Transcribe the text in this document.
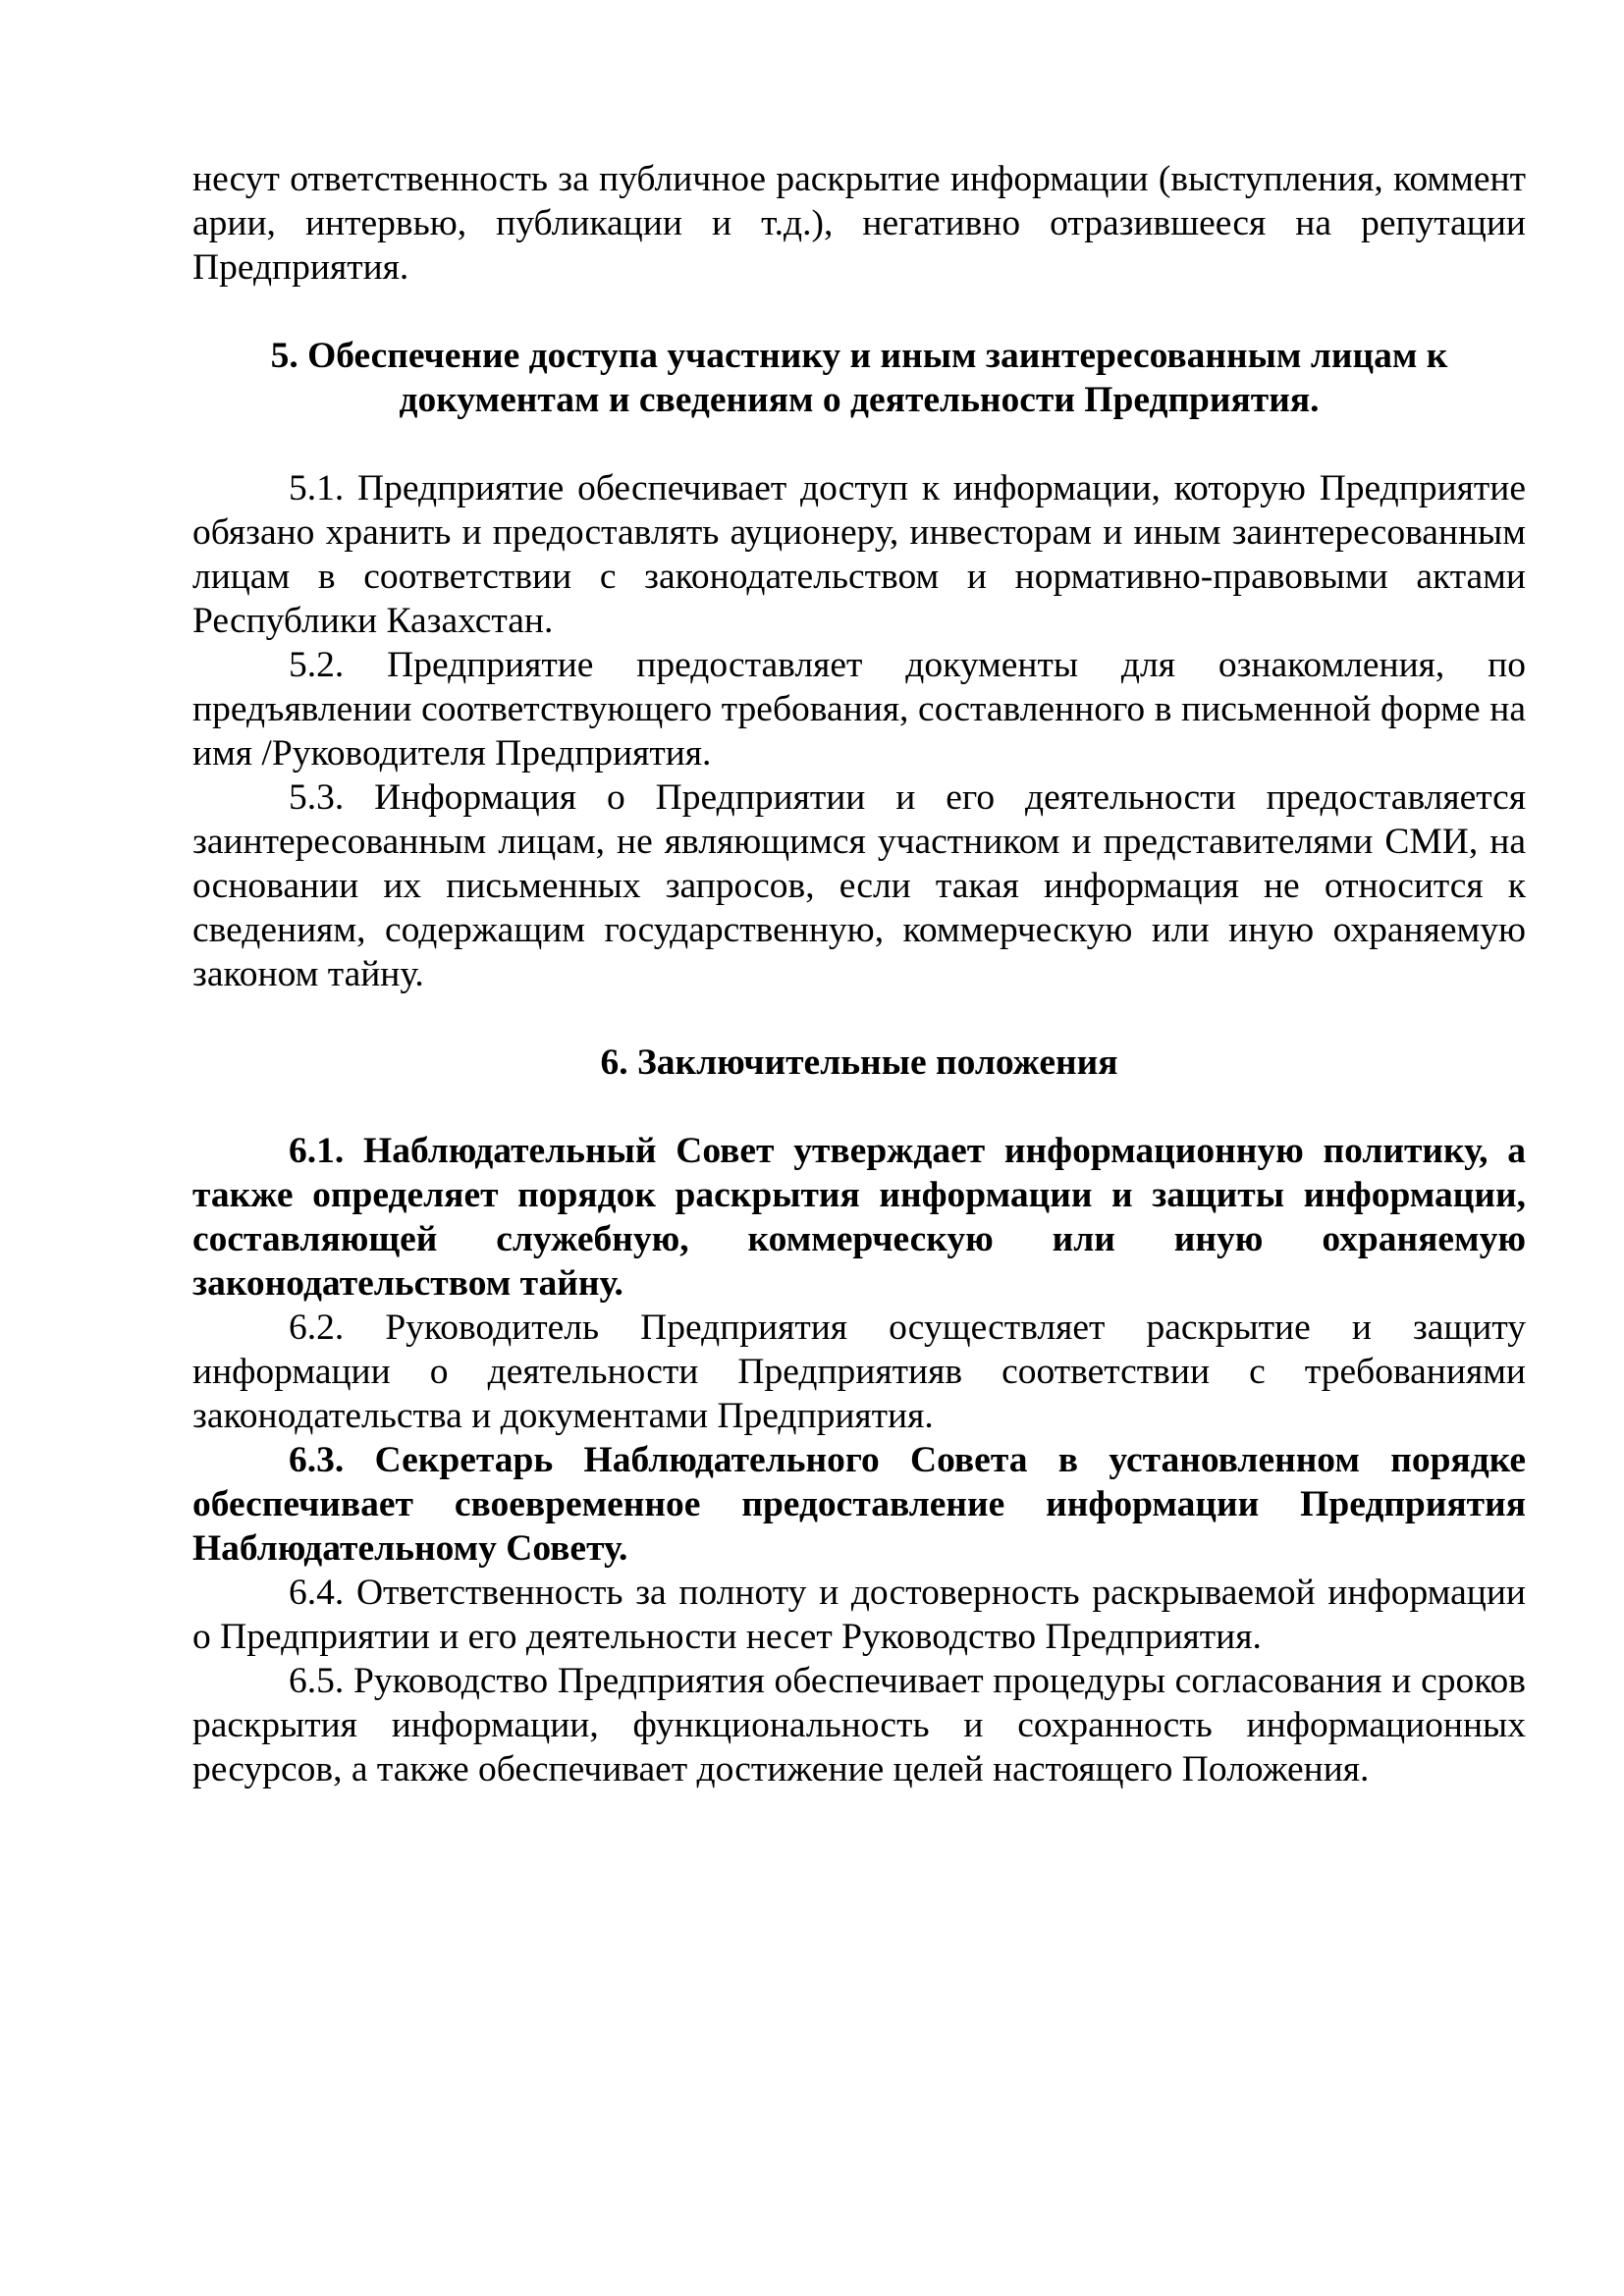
несут ответственность за публичное раскрытие информации (выступления, коммент арии, интервью, публикации и т.д.), негативно отразившееся на репутации Предприятия.

5. Обеспечение доступа участнику и иным заинтересованным лицам к
документам и сведениям о деятельности Предприятия.

5.1. Предприятие обеспечивает доступ к информации, которую Предприятие обязано хранить и предоставлять ауционеру, инвесторам и иным заинтересованным лицам в соответствии с законодательством и нормативно-правовыми актами Республики Казахстан.

5.2. Предприятие предоставляет документы для ознакомления, по предъявлении соответствующего требования, составленного в письменной форме на имя /Руководителя Предприятия.

5.3. Информация о Предприятии и его деятельности предоставляется заинтересованным лицам, не являющимся участником и представителями СМИ, на основании их письменных запросов, если такая информация не относится к сведениям, содержащим государственную, коммерческую или иную охраняемую законом тайну.

6. Заключительные положения

6.1. Наблюдательный Совет утверждает информационную политику, а также определяет порядок раскрытия информации и защиты информации, составляющей служебную, коммерческую или иную охраняемую законодательством тайну.

6.2. Руководитель Предприятия осуществляет раскрытие и защиту информации о деятельности Предприятияв соответствии с требованиями законодательства и документами Предприятия.

6.3. Секретарь Наблюдательного Совета в установленном порядке обеспечивает своевременное предоставление информации Предприятия Наблюдательному Совету.

6.4. Ответственность за полноту и достоверность раскрываемой информации о Предприятии и его деятельности несет Руководство Предприятия.

6.5. Руководство Предприятия обеспечивает процедуры согласования и сроков раскрытия информации, функциональность и сохранность информационных ресурсов, а также обеспечивает достижение целей настоящего Положения.
